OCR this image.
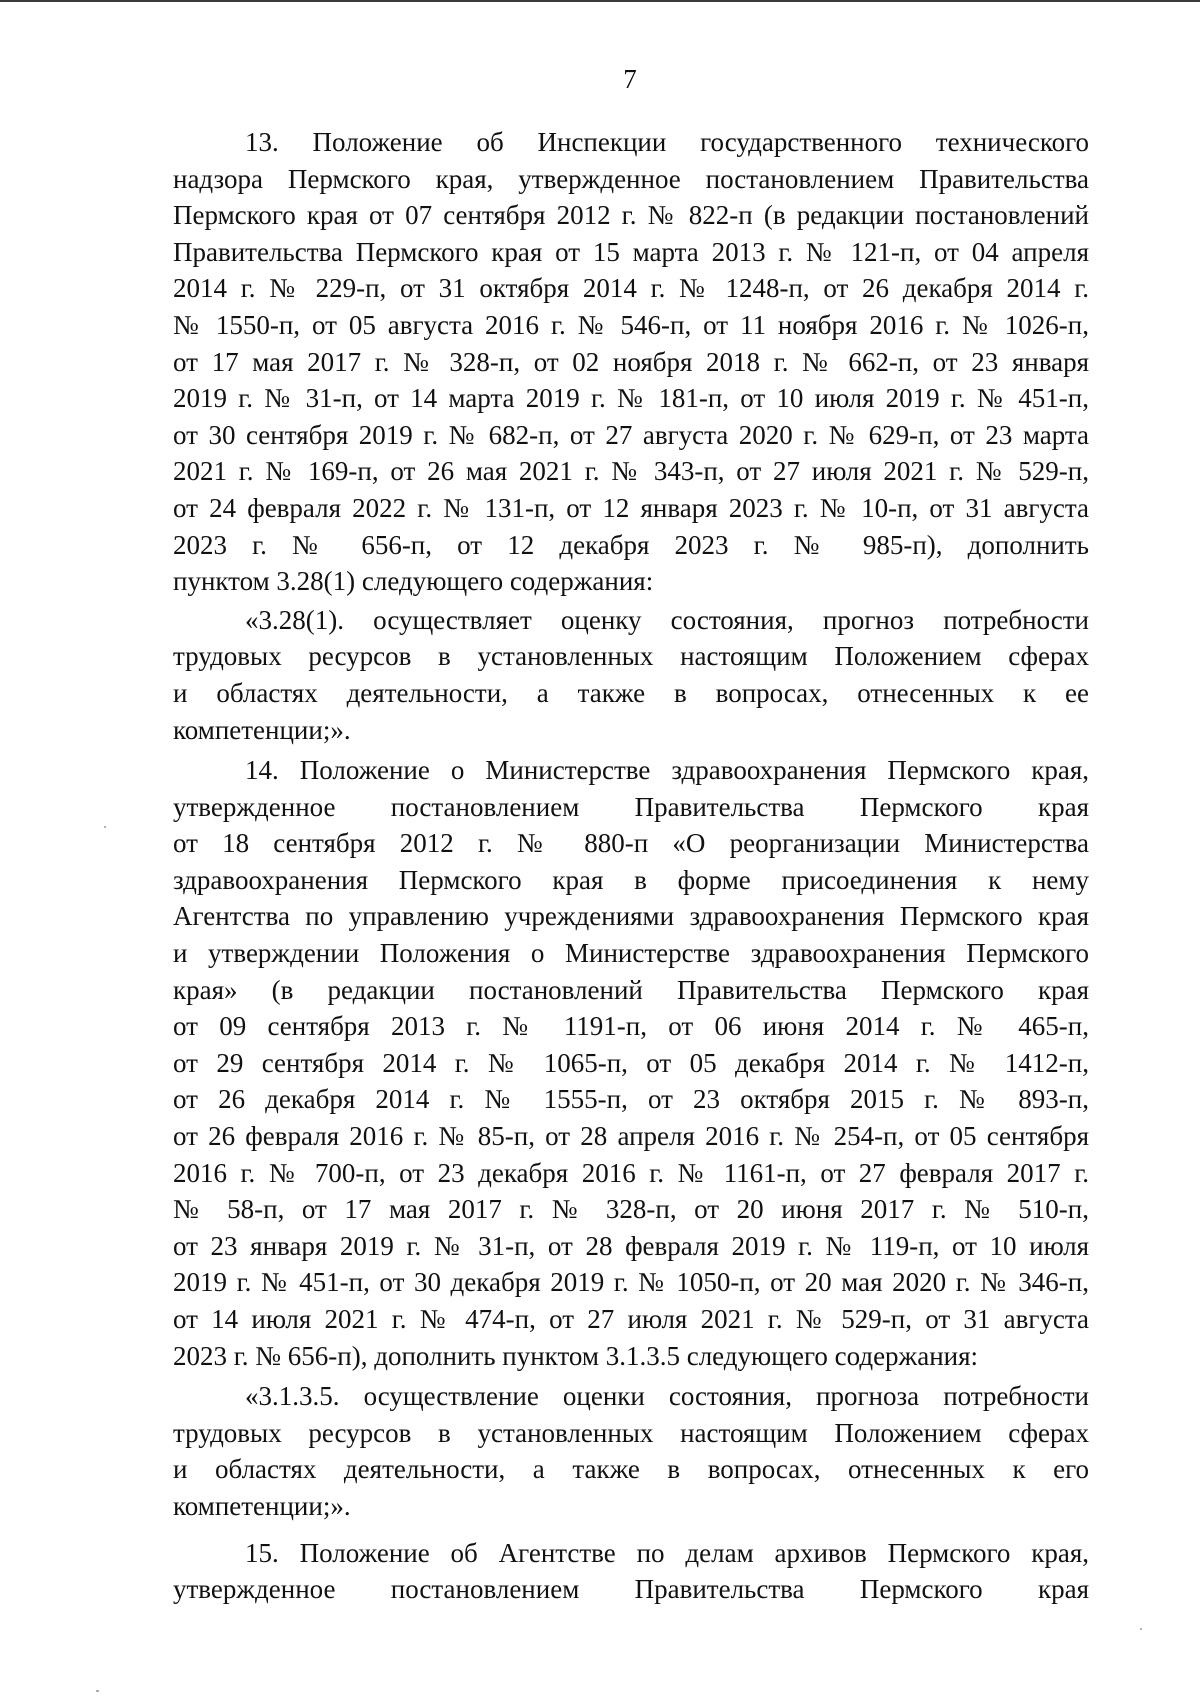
7
13. Положение об Инспекции государственного технического
надзора Пермского края, утвержденное постановлением Правительства
Пермского края от 07 сентября 2012 г. № 822-п (в редакции постановлений
Правительства Пермского края от 15 марта 2013 г. № 121-п, от 04 апреля
2014 г. № 229-п, от 31 октября 2014 г. № 1248-п, от 26 декабря 2014 г.
№ 1550-п, от 05 августа 2016 г. № 546-п, от 11 ноября 2016 г. № 1026-п,
от 17 мая 2017 г. № 328-п, от 02 ноября 2018 г. № 662-п, от 23 января
2019 г. № 31-п, от 14 марта 2019 г. № 181-п, от 10 июля 2019 г. № 451-п,
от 30 сентября 2019 г. № 682-п, от 27 августа 2020 г. № 629-п, от 23 марта
2021 г. № 169-п, от 26 мая 2021 г. № 343-п, от 27 июля 2021 г. № 529-п,
от 24 февраля 2022 г. № 131-п, от 12 января 2023 г. № 10-п, от 31 августа
2023 г. № 656-п, от 12 декабря 2023 г. № 985-п), дополнить
пунктом 3.28(1) следующего содержания:
«3.28(1). осуществляет оценку состояния, прогноз потребности
трудовых ресурсов в установленных настоящим Положением сферах
и областях деятельности, а также в вопросах, отнесенных к ее
компетенции;».
14. Положение о Министерстве здравоохранения Пермского края,
утвержденное постановлением Правительства Пермского края
от 18 сентября 2012 г. № 880-п «О реорганизации Министерства
здравоохранения Пермского края в форме присоединения к нему
Агентства по управлению учреждениями здравоохранения Пермского края
и утверждении Положения о Министерстве здравоохранения Пермского
края» (в редакции постановлений Правительства Пермского края
от 09 сентября 2013 г. № 1191-п, от 06 июня 2014 г. № 465-п,
от 29 сентября 2014 г. № 1065-п, от 05 декабря 2014 г. № 1412-п,
от 26 декабря 2014 г. № 1555-п, от 23 октября 2015 г. № 893-п,
от 26 февраля 2016 г. № 85-п, от 28 апреля 2016 г. № 254-п, от 05 сентября
2016 г. № 700-п, от 23 декабря 2016 г. № 1161-п, от 27 февраля 2017 г.
№ 58-п, от 17 мая 2017 г. № 328-п, от 20 июня 2017 г. № 510-п,
от 23 января 2019 г. № 31-п, от 28 февраля 2019 г. № 119-п, от 10 июля
2019 г. № 451-п, от 30 декабря 2019 г. № 1050-п, от 20 мая 2020 г. № 346-п,
от 14 июля 2021 г. № 474-п, от 27 июля 2021 г. № 529-п, от 31 августа
2023 г. № 656-п), дополнить пунктом 3.1.3.5 следующего содержания:
«3.1.3.5. осуществление оценки состояния, прогноза потребности
трудовых ресурсов в установленных настоящим Положением сферах
и областях деятельности, а также в вопросах, отнесенных к его
компетенции;».
15. Положение об Агентстве по делам архивов Пермского края,
утвержденное постановлением Правительства Пермского края
